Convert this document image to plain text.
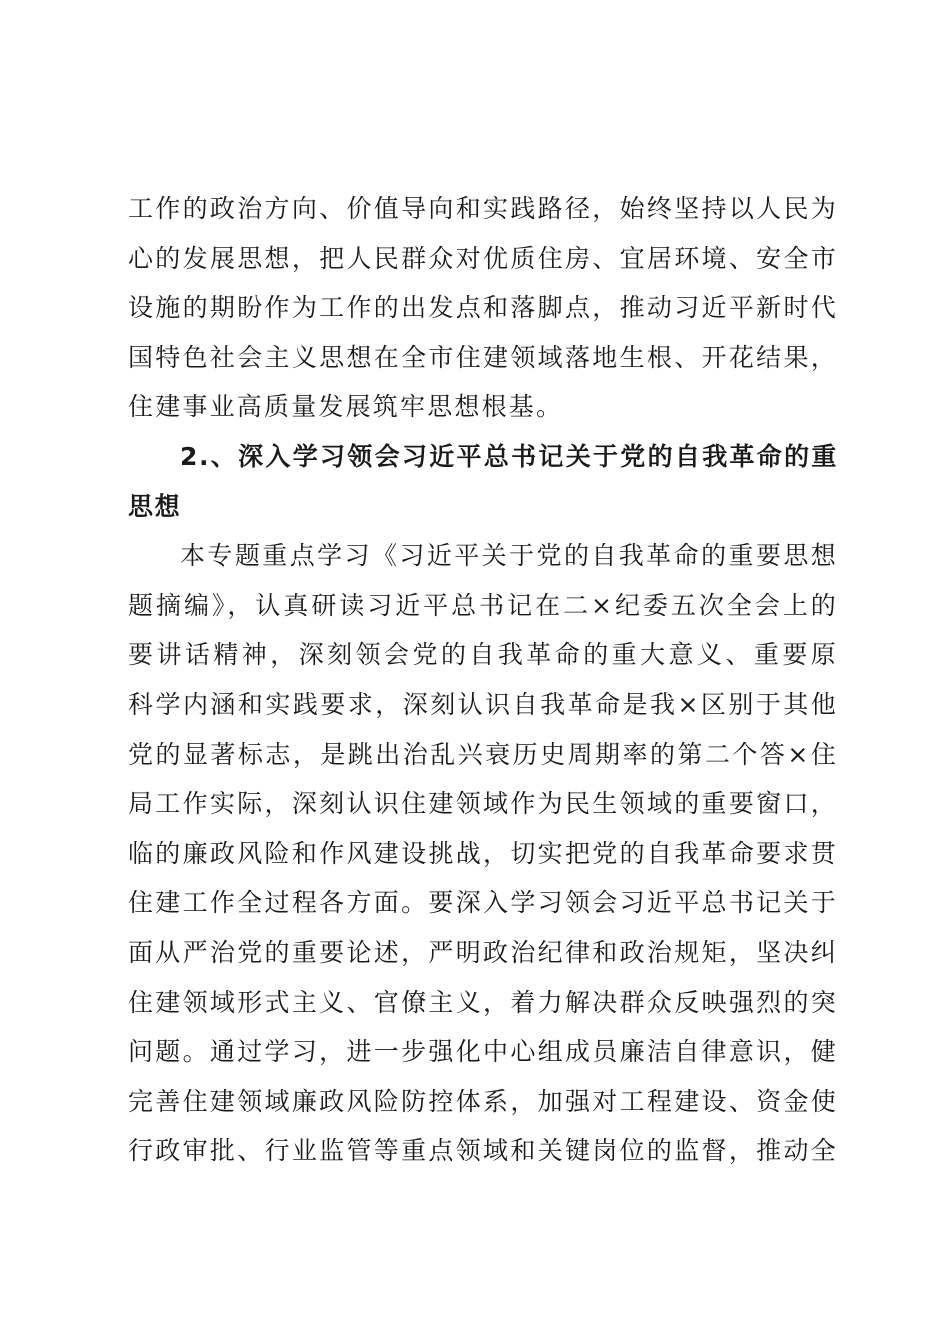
工作的政治方向、价值导向和实践路径，始终坚持以人民为
心的发展思想，把人民群众对优质住房、宜居环境、安全市
设施的期盼作为工作的出发点和落脚点，推动习近平新时代
国特色社会主义思想在全市住建领域落地生根、开花结果，
住建事业高质量发展筑牢思想根基。
2.、深入学习领会习近平总书记关于党的自我革命的重
思想
本专题重点学习《习近平关于党的自我革命的重要思想
题摘编》，认真研读习近平总书记在二×纪委五次全会上的
要讲话精神，深刻领会党的自我革命的重大意义、重要原
科学内涵和实践要求，深刻认识自我革命是我×区别于其他
党的显著标志，是跳出治乱兴衰历史周期率的第二个答×住
局工作实际，深刻认识住建领域作为民生领域的重要窗口，
临的廉政风险和作风建设挑战，切实把党的自我革命要求贯
住建工作全过程各方面。要深入学习领会习近平总书记关于
面从严治党的重要论述，严明政治纪律和政治规矩，坚决纠
住建领域形式主义、官僚主义，着力解决群众反映强烈的突
问题。通过学习，进一步强化中心组成员廉洁自律意识，健
完善住建领域廉政风险防控体系，加强对工程建设、资金使
行政审批、行业监管等重点领域和关键岗位的监督，推动全
